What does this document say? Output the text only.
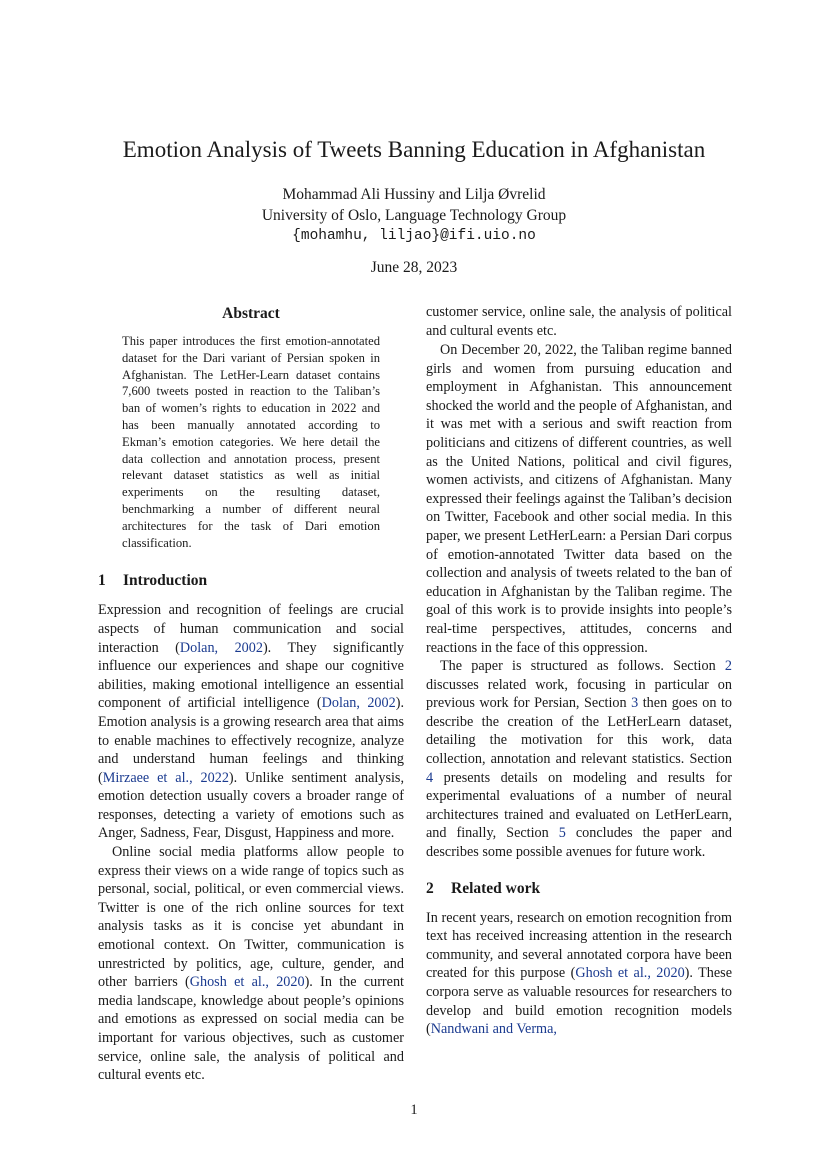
Emotion Analysis of Tweets Banning Education in Afghanistan
Mohammad Ali Hussiny and Lilja Øvrelid
University of Oslo, Language Technology Group
{mohamhu, liljao}@ifi.uio.no
June 28, 2023
Abstract
This paper introduces the first emotion-annotated dataset for the Dari variant of Persian spoken in Afghanistan. The LetHer-Learn dataset contains 7,600 tweets posted in reaction to the Taliban’s ban of women’s rights to education in 2022 and has been manually annotated according to Ekman’s emotion categories. We here detail the data collection and annotation process, present relevant dataset statistics as well as initial experiments on the resulting dataset, benchmarking a number of different neural architectures for the task of Dari emotion classification.
1 Introduction

Expression and recognition of feelings are crucial aspects of human communication and social interaction (Dolan, 2002). They significantly influence our experiences and shape our cognitive abilities, making emotional intelligence an essential component of artificial intelligence (Dolan, 2002). Emotion analysis is a growing research area that aims to enable machines to effectively recognize, analyze and understand human feelings and thinking (Mirzaee et al., 2022). Unlike sentiment analysis, emotion detection usually covers a broader range of responses, detecting a variety of emotions such as Anger, Sadness, Fear, Disgust, Happiness and more.

Online social media platforms allow people to express their views on a wide range of topics such as personal, social, political, or even commercial views. Twitter is one of the rich online sources for text analysis tasks as it is concise yet abundant in emotional context. On Twitter, communication is unrestricted by politics, age, culture, gender, and other barriers (Ghosh et al., 2020). In the current media landscape, knowledge about people’s opinions and emotions as expressed on social media can be important for various objectives, such as customer service, online sale, the analysis of political and cultural events etc.

customer service, online sale, the analysis of political and cultural events etc.

On December 20, 2022, the Taliban regime banned girls and women from pursuing education and employment in Afghanistan. This announcement shocked the world and the people of Afghanistan, and it was met with a serious and swift reaction from politicians and citizens of different countries, as well as the United Nations, political and civil figures, women activists, and citizens of Afghanistan. Many expressed their feelings against the Taliban’s decision on Twitter, Facebook and other social media. In this paper, we present LetHerLearn: a Persian Dari corpus of emotion-annotated Twitter data based on the collection and analysis of tweets related to the ban of education in Afghanistan by the Taliban regime. The goal of this work is to provide insights into people’s real-time perspectives, attitudes, concerns and reactions in the face of this oppression.

The paper is structured as follows. Section 2 discusses related work, focusing in particular on previous work for Persian, Section 3 then goes on to describe the creation of the LetHerLearn dataset, detailing the motivation for this work, data collection, annotation and relevant statistics. Section 4 presents details on modeling and results for experimental evaluations of a number of neural architectures trained and evaluated on LetHerLearn, and finally, Section 5 concludes the paper and describes some possible avenues for future work.

2 Related work

In recent years, research on emotion recognition from text has received increasing attention in the research community, and several annotated corpora have been created for this purpose (Ghosh et al., 2020). These corpora serve as valuable resources for researchers to develop and build emotion recognition models (Nandwani and Verma,

1
